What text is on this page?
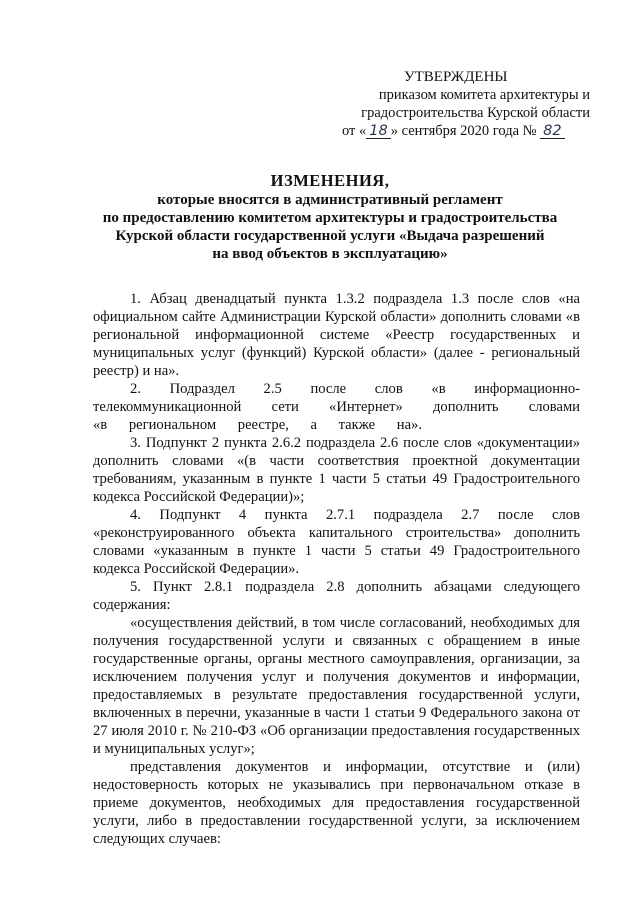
УТВЕРЖДЕНЫ
приказом комитета архитектуры и
градостроительства Курской области
от « 18 » сентября 2020 года № 82
ИЗМЕНЕНИЯ,
которые вносятся в административный регламент
по предоставлению комитетом архитектуры и градостроительства
Курской области государственной услуги «Выдача разрешений
на ввод объектов в эксплуатацию»

1. Абзац двенадцатый пункта 1.3.2 подраздела 1.3 после слов «на официальном сайте Администрации Курской области» дополнить словами «в региональной информационной системе «Реестр государственных и муниципальных услуг (функций) Курской области» (далее - региональный реестр) и на».

2. Подраздел 2.5 после слов «в информационно-телекоммуникационной сети «Интернет» дополнить словами «в региональном реестре, а также на».

3. Подпункт 2 пункта 2.6.2 подраздела 2.6 после слов «документации» дополнить словами «(в части соответствия проектной документации требованиям, указанным в пункте 1 части 5 статьи 49 Градостроительного кодекса Российской Федерации)»;

4. Подпункт 4 пункта 2.7.1 подраздела 2.7 после слов «реконструированного объекта капитального строительства» дополнить словами «указанным в пункте 1 части 5 статьи 49 Градостроительного кодекса Российской Федерации».

5. Пункт 2.8.1 подраздела 2.8 дополнить абзацами следующего содержания:

«осуществления действий, в том числе согласований, необходимых для получения государственной услуги и связанных с обращением в иные государственные органы, органы местного самоуправления, организации, за исключением получения услуг и получения документов и информации, предоставляемых в результате предоставления государственной услуги, включенных в перечни, указанные в части 1 статьи 9 Федерального закона от 27 июля 2010 г. № 210-ФЗ «Об организации предоставления государственных и муниципальных услуг»;

представления документов и информации, отсутствие и (или) недостоверность которых не указывались при первоначальном отказе в приеме документов, необходимых для предоставления государственной услуги, либо в предоставлении государственной услуги, за исключением следующих случаев:
